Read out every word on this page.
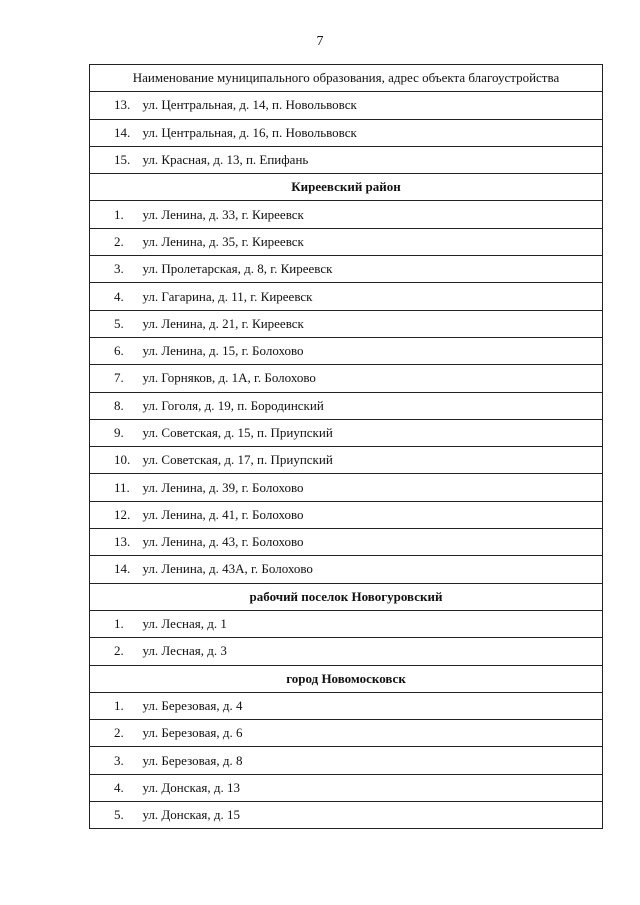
7
Наименование муниципального образования, адрес объекта благоустройства
13. ул. Центральная, д. 14, п. Новольвовск
14. ул. Центральная, д. 16, п. Новольвовск
15. ул. Красная, д. 13, п. Епифань
Киреевский район
1. ул. Ленина, д. 33, г. Киреевск
2. ул. Ленина, д. 35, г. Киреевск
3. ул. Пролетарская, д. 8, г. Киреевск
4. ул. Гагарина, д. 11, г. Киреевск
5. ул. Ленина, д. 21, г. Киреевск
6. ул. Ленина, д. 15, г. Болохово
7. ул. Горняков, д. 1А, г. Болохово
8. ул. Гоголя, д. 19, п. Бородинский
9. ул. Советская, д. 15, п. Приупский
10. ул. Советская, д. 17, п. Приупский
11. ул. Ленина, д. 39, г. Болохово
12. ул. Ленина, д. 41, г. Болохово
13. ул. Ленина, д. 43, г. Болохово
14. ул. Ленина, д. 43А, г. Болохово
рабочий поселок Новогуровский
1. ул. Лесная, д. 1
2. ул. Лесная, д. 3
город Новомосковск
1. ул. Березовая, д. 4
2. ул. Березовая, д. 6
3. ул. Березовая, д. 8
4. ул. Донская, д. 13
5. ул. Донская, д. 15
